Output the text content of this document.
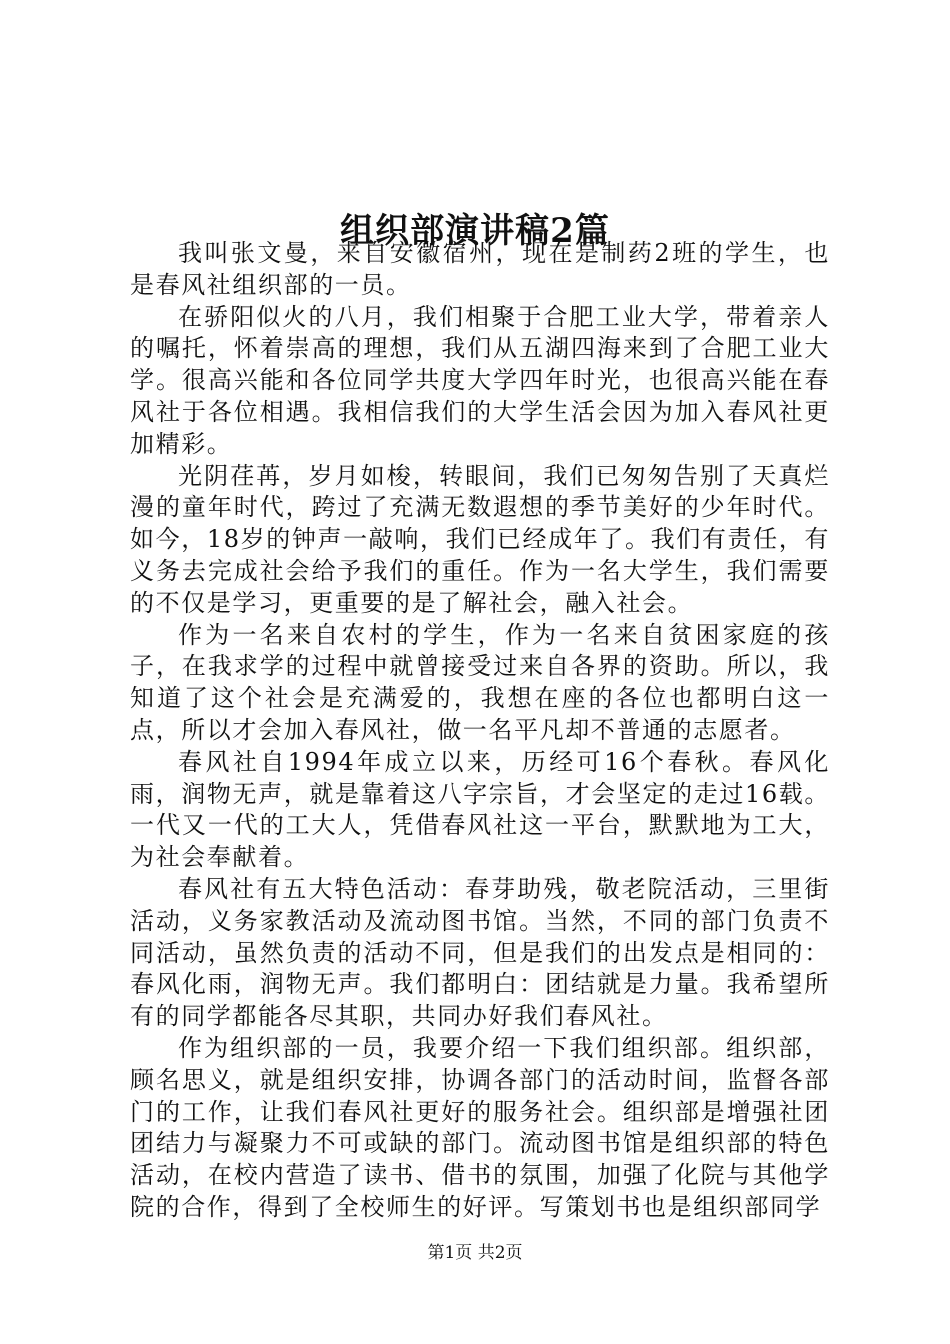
组织部演讲稿2篇

我叫张文曼，来自安徽宿州，现在是制药2班的学生，也是春风社组织部的一员。

在骄阳似火的八月，我们相聚于合肥工业大学，带着亲人的嘱托，怀着崇高的理想，我们从五湖四海来到了合肥工业大学。很高兴能和各位同学共度大学四年时光，也很高兴能在春风社于各位相遇。我相信我们的大学生活会因为加入春风社更加精彩。

光阴荏苒，岁月如梭，转眼间，我们已匆匆告别了天真烂漫的童年时代，跨过了充满无数遐想的季节美好的少年时代。如今，18岁的钟声一敲响，我们已经成年了。我们有责任，有义务去完成社会给予我们的重任。作为一名大学生，我们需要的不仅是学习，更重要的是了解社会，融入社会。

作为一名来自农村的学生，作为一名来自贫困家庭的孩子，在我求学的过程中就曾接受过来自各界的资助。所以，我知道了这个社会是充满爱的，我想在座的各位也都明白这一点，所以才会加入春风社，做一名平凡却不普通的志愿者。

春风社自1994年成立以来，历经可16个春秋。春风化雨，润物无声，就是靠着这八字宗旨，才会坚定的走过16载。一代又一代的工大人，凭借春风社这一平台，默默地为工大，为社会奉献着。

春风社有五大特色活动：春芽助残，敬老院活动，三里街活动，义务家教活动及流动图书馆。当然，不同的部门负责不同活动，虽然负责的活动不同，但是我们的出发点是相同的：春风化雨，润物无声。我们都明白：团结就是力量。我希望所有的同学都能各尽其职，共同办好我们春风社。

作为组织部的一员，我要介绍一下我们组织部。组织部，顾名思义，就是组织安排，协调各部门的活动时间，监督各部门的工作，让我们春风社更好的服务社会。组织部是增强社团团结力与凝聚力不可或缺的部门。流动图书馆是组织部的特色活动，在校内营造了读书、借书的氛围，加强了化院与其他学院的合作，得到了全校师生的好评。写策划书也是组织部同学

第1页 共2页
